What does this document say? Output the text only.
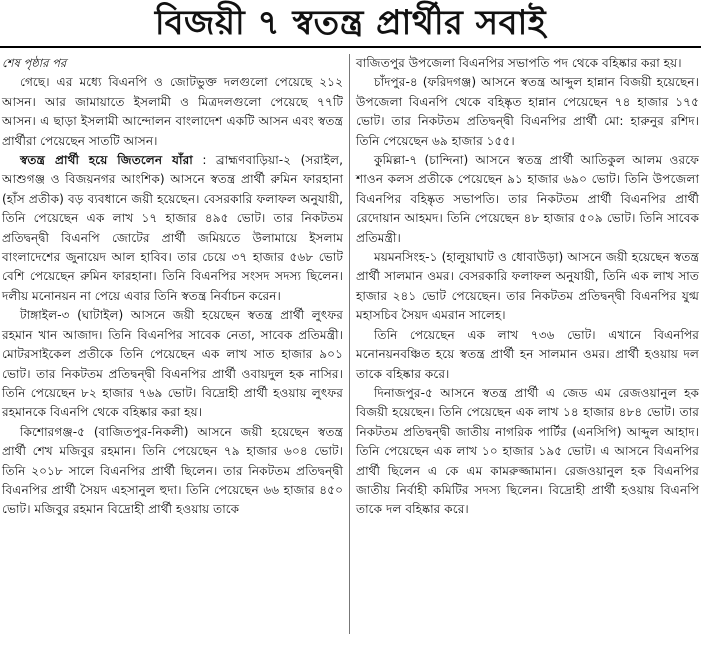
বিজয়ী ৭ স্বতন্ত্র প্রার্থীর সবাই

শেষ পৃষ্ঠার পর

গেছে। এর মধ্যে বিএনপি ও জোটভুক্ত দলগুলো পেয়েছে ২১২ আসন। আর জামায়াতে ইসলামী ও মিত্রদলগুলো পেয়েছে ৭৭টি আসন। এ ছাড়া ইসলামী আন্দোলন বাংলাদেশ একটি আসন এবং স্বতন্ত্র প্রার্থীরা পেয়েছেন সাতটি আসন।

স্বতন্ত্র প্রার্থী হয়ে জিতলেন যাঁরা : ব্রাহ্মণবাড়িয়া-২ (সরাইল, আশুগঞ্জ ও বিজয়নগর আংশিক) আসনে স্বতন্ত্র প্রার্থী রুমিন ফারহানা (হাঁস প্রতীক) বড় ব্যবধানে জয়ী হয়েছেন। বেসরকারি ফলাফল অনুযায়ী, তিনি পেয়েছেন এক লাখ ১৭ হাজার ৪৯৫ ভোট। তার নিকটতম প্রতিদ্বন্দ্বী বিএনপি জোটের প্রার্থী জমিয়তে উলামায়ে ইসলাম বাংলাদেশের জুনায়েদ আল হাবিব। তার চেয়ে ৩৭ হাজার ৫৬৮ ভোট বেশি পেয়েছেন রুমিন ফারহানা। তিনি বিএনপির সংসদ সদস্য ছিলেন। দলীয় মনোনয়ন না পেয়ে এবার তিনি স্বতন্ত্র নির্বাচন করেন।

টাঙ্গাইল-৩ (ঘাটাইল) আসনে জয়ী হয়েছেন স্বতন্ত্র প্রার্থী লুৎফর রহমান খান আজাদ। তিনি বিএনপির সাবেক নেতা, সাবেক প্রতিমন্ত্রী। মোটরসাইকেল প্রতীকে তিনি পেয়েছেন এক লাখ সাত হাজার ৯০১ ভোট। তার নিকটতম প্রতিদ্বন্দ্বী বিএনপির প্রার্থী ওবায়দুল হক নাসির। তিনি পেয়েছেন ৮২ হাজার ৭৬৯ ভোট। বিদ্রোহী প্রার্থী হওয়ায় লুৎফর রহমানকে বিএনপি থেকে বহিষ্কার করা হয়।

কিশোরগঞ্জ-৫ (বাজিতপুর-নিকলী) আসনে জয়ী হয়েছেন স্বতন্ত্র প্রার্থী শেখ মজিবুর রহমান। তিনি পেয়েছেন ৭৯ হাজার ৬০৪ ভোট। তিনি ২০১৮ সালে বিএনপির প্রার্থী ছিলেন। তার নিকটতম প্রতিদ্বন্দ্বী বিএনপির প্রার্থী সৈয়দ এহসানুল হুদা। তিনি পেয়েছেন ৬৬ হাজার ৪৫০ ভোট। মজিবুর রহমান বিদ্রোহী প্রার্থী হওয়ায় তাকে

বাজিতপুর উপজেলা বিএনপির সভাপতি পদ থেকে বহিষ্কার করা হয়।

চাঁদপুর-৪ (ফরিদগঞ্জ) আসনে স্বতন্ত্র আব্দুল হান্নান বিজয়ী হয়েছেন। উপজেলা বিএনপি থেকে বহিষ্কৃত হান্নান পেয়েছেন ৭৪ হাজার ১৭৫ ভোট। তার নিকটতম প্রতিদ্বন্দ্বী বিএনপির প্রার্থী মো: হারুনুর রশিদ। তিনি পেয়েছেন ৬৯ হাজার ১৫৫।

কুমিল্লা-৭ (চান্দিনা) আসনে স্বতন্ত্র প্রার্থী আতিকুল আলম ওরফে শাওন কলস প্রতীকে পেয়েছেন ৯১ হাজার ৬৯০ ভোট। তিনি উপজেলা বিএনপির বহিষ্কৃত সভাপতি। তার নিকটতম প্রার্থী বিএনপির প্রার্থী রেদোয়ান আহমদ। তিনি পেয়েছেন ৪৮ হাজার ৫০৯ ভোট। তিনি সাবেক প্রতিমন্ত্রী।

ময়মনসিংহ-১ (হালুয়াঘাট ও ধোবাউড়া) আসনে জয়ী হয়েছেন স্বতন্ত্র প্রার্থী সালমান ওমর। বেসরকারি ফলাফল অনুযায়ী, তিনি এক লাখ সাত হাজার ২৪১ ভোট পেয়েছেন। তার নিকটতম প্রতিদ্বন্দ্বী বিএনপির যুগ্ম মহাসচিব সৈয়দ এমরান সালেহ।

তিনি পেয়েছেন এক লাখ ৭৩৬ ভোট। এখানে বিএনপির মনোনয়নবঞ্চিত হয়ে স্বতন্ত্র প্রার্থী হন সালমান ওমর। প্রার্থী হওয়ায় দল তাকে বহিষ্কার করে।

দিনাজপুর-৫ আসনে স্বতন্ত্র প্রার্থী এ জেড এম রেজওয়ানুল হক বিজয়ী হয়েছেন। তিনি পেয়েছেন এক লাখ ১৪ হাজার ৪৮৪ ভোট। তার নিকটতম প্রতিদ্বন্দ্বী জাতীয় নাগরিক পার্টির (এনসিপি) আব্দুল আহাদ। তিনি পেয়েছেন এক লাখ ১০ হাজার ১৯৫ ভোট। এ আসনে বিএনপির প্রার্থী ছিলেন এ কে এম কামরুজ্জামান। রেজওয়ানুল হক বিএনপির জাতীয় নির্বাহী কমিটির সদস্য ছিলেন। বিদ্রোহী প্রার্থী হওয়ায় বিএনপি তাকে দল বহিষ্কার করে।
